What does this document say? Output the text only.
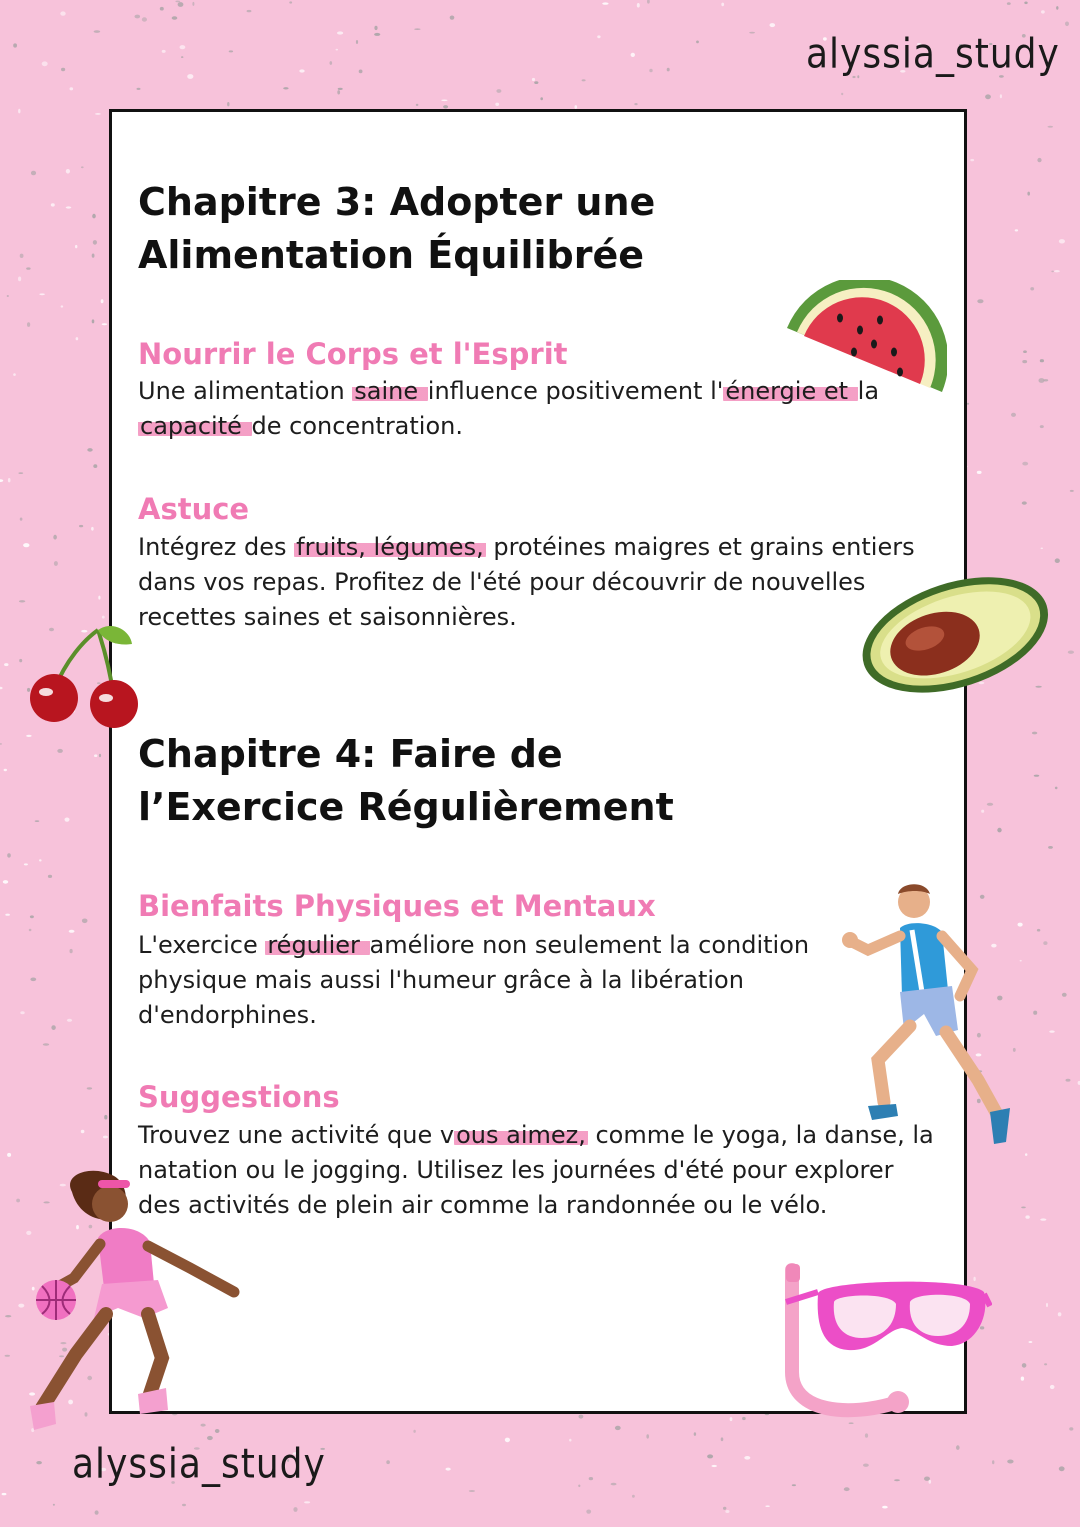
alyssia_study
Chapitre 3: Adopter une Alimentation Équilibrée
Nourrir le Corps et l'Esprit

Une alimentation saine influence positivement l'énergie et la capacité de concentration.

Astuce

Intégrez des fruits, légumes, protéines maigres et grains entiers dans vos repas. Profitez de l'été pour découvrir de nouvelles recettes saines et saisonnières.

Chapitre 4: Faire de l’Exercice Régulièrement
Bienfaits Physiques et Mentaux

L'exercice régulier améliore non seulement la condition physique mais aussi l'humeur grâce à la libération d'endorphines.

Suggestions

Trouvez une activité que vous aimez, comme le yoga, la danse, la natation ou le jogging. Utilisez les journées d'été pour explorer des activités de plein air comme la randonnée ou le vélo.

alyssia_study
